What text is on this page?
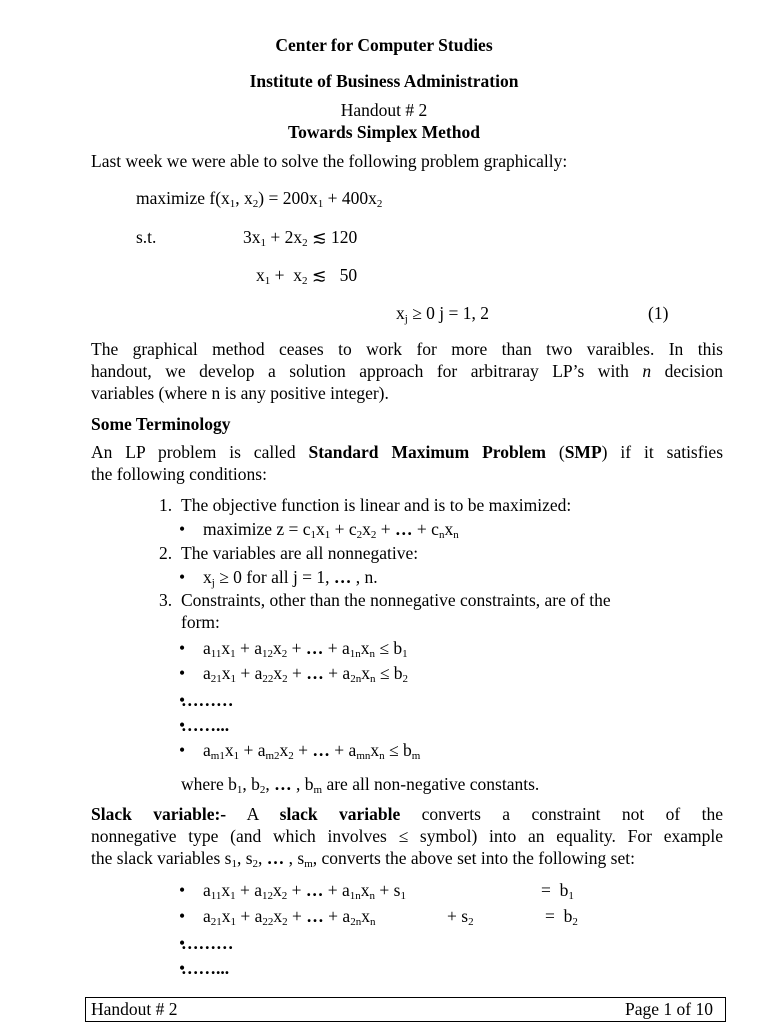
Center for Computer Studies
Institute of Business Administration
Handout # 2
Towards Simplex Method
Last week we were able to solve the following problem graphically:
maximize $f(x_1$, $x_2) = 200x_1 + 400x_2$
s.t.	$3x_1 + 2x_2$ ≲ 120
$x_1 + x_2$ ≲   50
$x_j \ge 0$ j = 1, 2	(1)
The graphical method ceases to work for more than two varaibles. In this
handout, we develop a solution approach for arbitraray LP’s with n decision
variables (where n is any positive integer).
Some Terminology
An LP problem is called Standard Maximum Problem (SMP) if it satisfies
the following conditions:
1. The objective function is linear and is to be maximized:
maximize $z = c_1x_1 + c_2x_2$ + … + $c_nx_n$
2. The variables are all nonnegative:
$x_j \ge 0$ for all j = 1, … , n.
3. Constraints, other than the nonnegative constraints, are of the
form:
$a_{11}x_1 + a_{12}x_2$ + … + $a_{1n}x_n \le b_1$
$a_{21}x_1 + a_{22}x_2$ + … + $a_{2n}x_n \le b_2$
• ………
• ……...
$a_{m1}x_1 + a_{m2}x_2$ + … + $a_{mn}x_n \le b_m$
where $b_1$, $b_2$, … , $b_m$ are all non-negative constants.
Slack variable:- A slack variable converts a constraint not of the
nonnegative type (and which involves ≤ symbol) into an equality. For example
the slack variables $s_1$, $s_2$, … , $s_m$, converts the above set into the following set:
$a_{11}x_1 + a_{12}x_2$ + … + $a_{1n}x_n + s_1$	=  $b_1$
$a_{21}x_1 + a_{22}x_2$ + … + $a_{2n}x_n$	+ $s_2$	=  $b_2$
• ………
• ……...
Handout # 2	Page 1 of 10
